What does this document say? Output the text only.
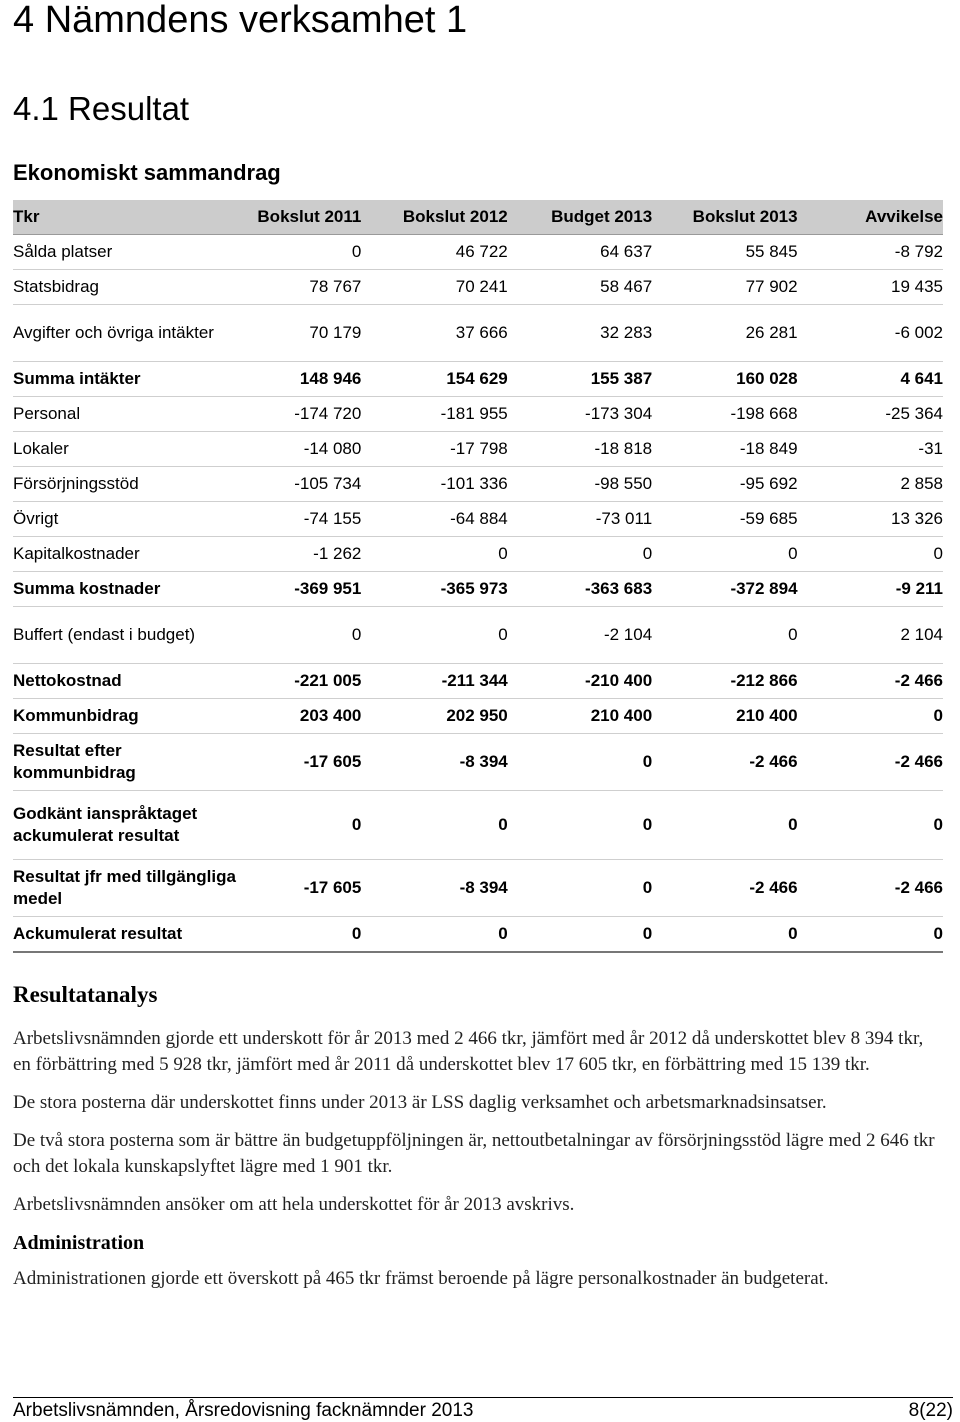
4 Nämndens verksamhet 1
4.1 Resultat
Ekonomiskt sammandrag
Tkr	Bokslut 2011	Bokslut 2012	Budget 2013	Bokslut 2013	Avvikelse
Sålda platser	0	46 722	64 637	55 845	-8 792
Statsbidrag	78 767	70 241	58 467	77 902	19 435
Avgifter och övriga intäkter	70 179	37 666	32 283	26 281	-6 002
Summa intäkter	148 946	154 629	155 387	160 028	4 641
Personal	-174 720	-181 955	-173 304	-198 668	-25 364
Lokaler	-14 080	-17 798	-18 818	-18 849	-31
Försörjningsstöd	-105 734	-101 336	-98 550	-95 692	2 858
Övrigt	-74 155	-64 884	-73 011	-59 685	13 326
Kapitalkostnader	-1 262	0	0	0	0
Summa kostnader	-369 951	-365 973	-363 683	-372 894	-9 211
Buffert (endast i budget)	0	0	-2 104	0	2 104
Nettokostnad	-221 005	-211 344	-210 400	-212 866	-2 466
Kommunbidrag	203 400	202 950	210 400	210 400	0
Resultat efter kommunbidrag	-17 605	-8 394	0	-2 466	-2 466
Godkänt ianspråktaget ackumulerat resultat	0	0	0	0	0
Resultat jfr med tillgängliga medel	-17 605	-8 394	0	-2 466	-2 466
Ackumulerat resultat	0	0	0	0	0
Resultatanalys

Arbetslivsnämnden gjorde ett underskott för år 2013 med 2 466 tkr, jämfört med år 2012 då underskottet blev 8 394 tkr, en förbättring med 5 928 tkr, jämfört med år 2011 då underskottet blev 17 605 tkr, en förbättring med 15 139 tkr.

De stora posterna där underskottet finns under 2013 är LSS daglig verksamhet och arbetsmarknadsinsatser.

De två stora posterna som är bättre än budgetuppföljningen är, nettoutbetalningar av försörjningsstöd lägre med 2 646 tkr och det lokala kunskapslyftet lägre med 1 901 tkr.

Arbetslivsnämnden ansöker om att hela underskottet för år 2013 avskrivs.

Administration

Administrationen gjorde ett överskott på 465 tkr främst beroende på lägre personalkostnader än budgeterat.

Arbetslivsnämnden, Årsredovisning facknämnder 2013	8(22)
